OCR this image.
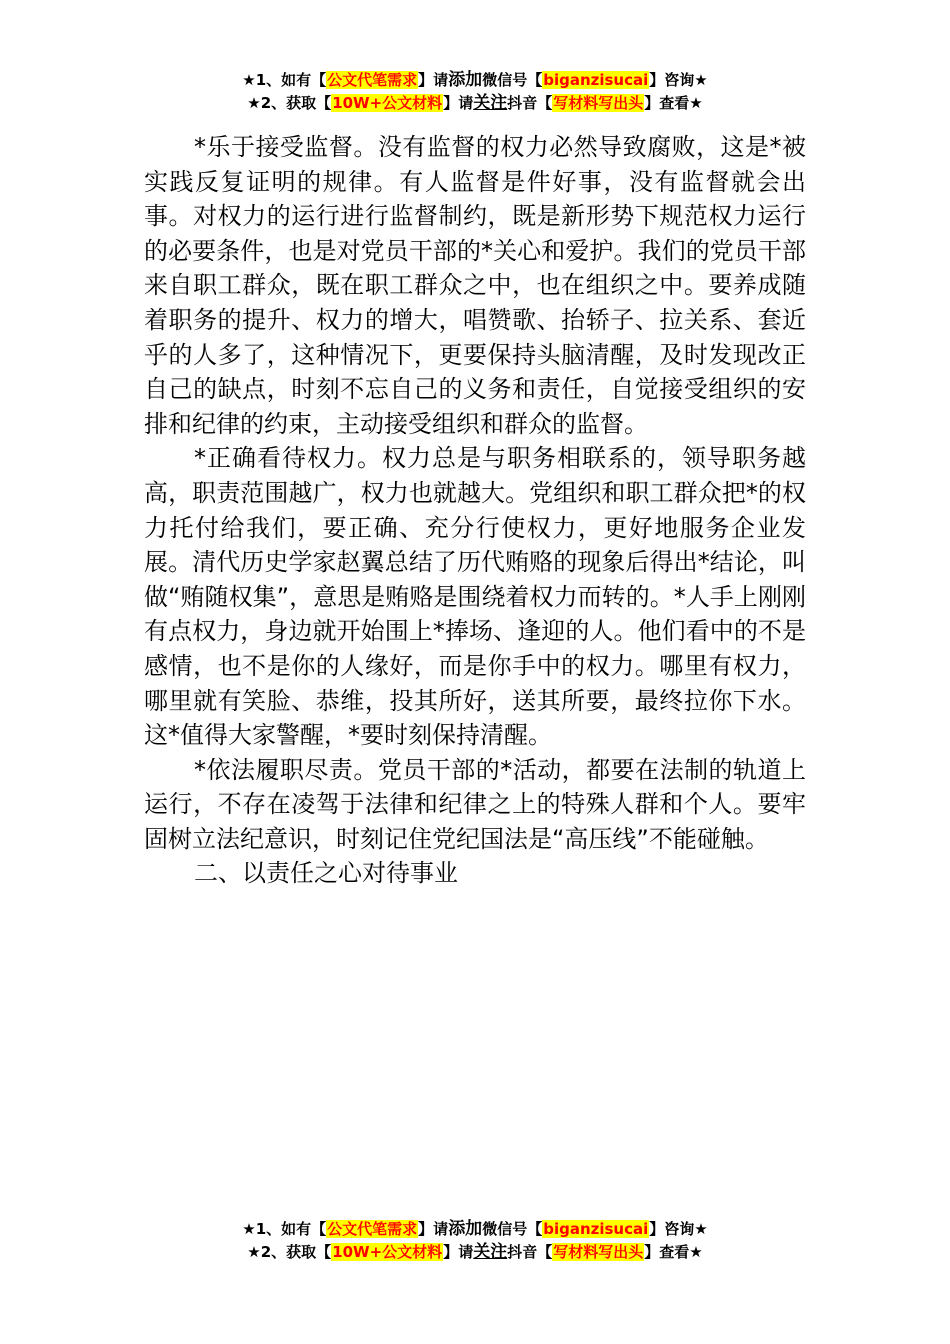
★1、如有【公文代笔需求】请添加微信号【biganzisucai】咨询★
★2、获取【10W+公文材料】请关注抖音【写材料写出头】查看★

*乐于接受监督。没有监督的权力必然导致腐败，这是*被实践反复证明的规律。有人监督是件好事，没有监督就会出事。对权力的运行进行监督制约，既是新形势下规范权力运行的必要条件，也是对党员干部的*关心和爱护。我们的党员干部来自职工群众，既在职工群众之中，也在组织之中。要养成随着职务的提升、权力的增大，唱赞歌、抬轿子、拉关系、套近乎的人多了，这种情况下，更要保持头脑清醒，及时发现改正自己的缺点，时刻不忘自己的义务和责任，自觉接受组织的安排和纪律的约束，主动接受组织和群众的监督。

*正确看待权力。权力总是与职务相联系的，领导职务越高，职责范围越广，权力也就越大。党组织和职工群众把*的权力托付给我们，要正确、充分行使权力，更好地服务企业发展。清代历史学家赵翼总结了历代贿赂的现象后得出*结论，叫做“贿随权集”，意思是贿赂是围绕着权力而转的。*人手上刚刚有点权力，身边就开始围上*捧场、逢迎的人。他们看中的不是感情，也不是你的人缘好，而是你手中的权力。哪里有权力，哪里就有笑脸、恭维，投其所好，送其所要，最终拉你下水。这*值得大家警醒，*要时刻保持清醒。

*依法履职尽责。党员干部的*活动，都要在法制的轨道上运行，不存在凌驾于法律和纪律之上的特殊人群和个人。要牢固树立法纪意识，时刻记住党纪国法是“高压线”不能碰触。

二、以责任之心对待事业

★1、如有【公文代笔需求】请添加微信号【biganzisucai】咨询★
★2、获取【10W+公文材料】请关注抖音【写材料写出头】查看★
